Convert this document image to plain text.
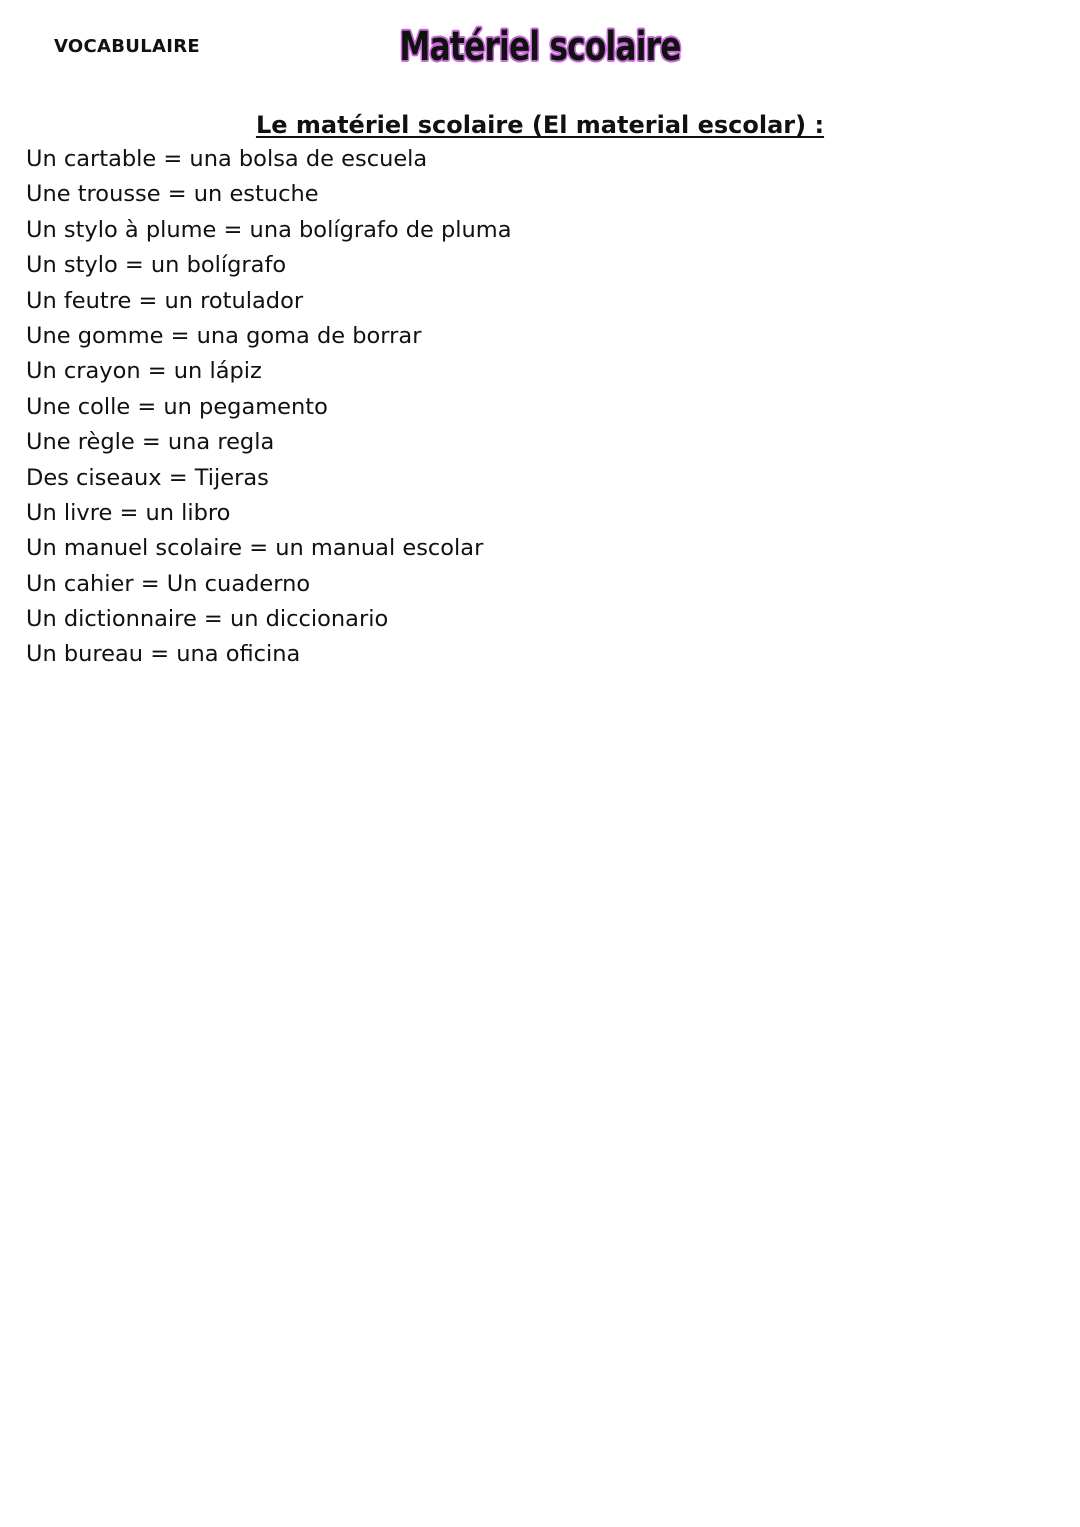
VOCABULAIRE	Matériel scolaire
Le matériel scolaire (El material escolar) :
Un cartable = una bolsa de escuela
Une trousse = un estuche
Un stylo à plume = una bolígrafo de pluma
Un stylo = un bolígrafo
Un feutre = un rotulador
Une gomme = una goma de borrar
Un crayon = un lápiz
Une colle = un pegamento
Une règle = una regla
Des ciseaux = Tijeras
Un livre = un libro
Un manuel scolaire = un manual escolar
Un cahier = Un cuaderno
Un dictionnaire = un diccionario
Un bureau = una oficina
